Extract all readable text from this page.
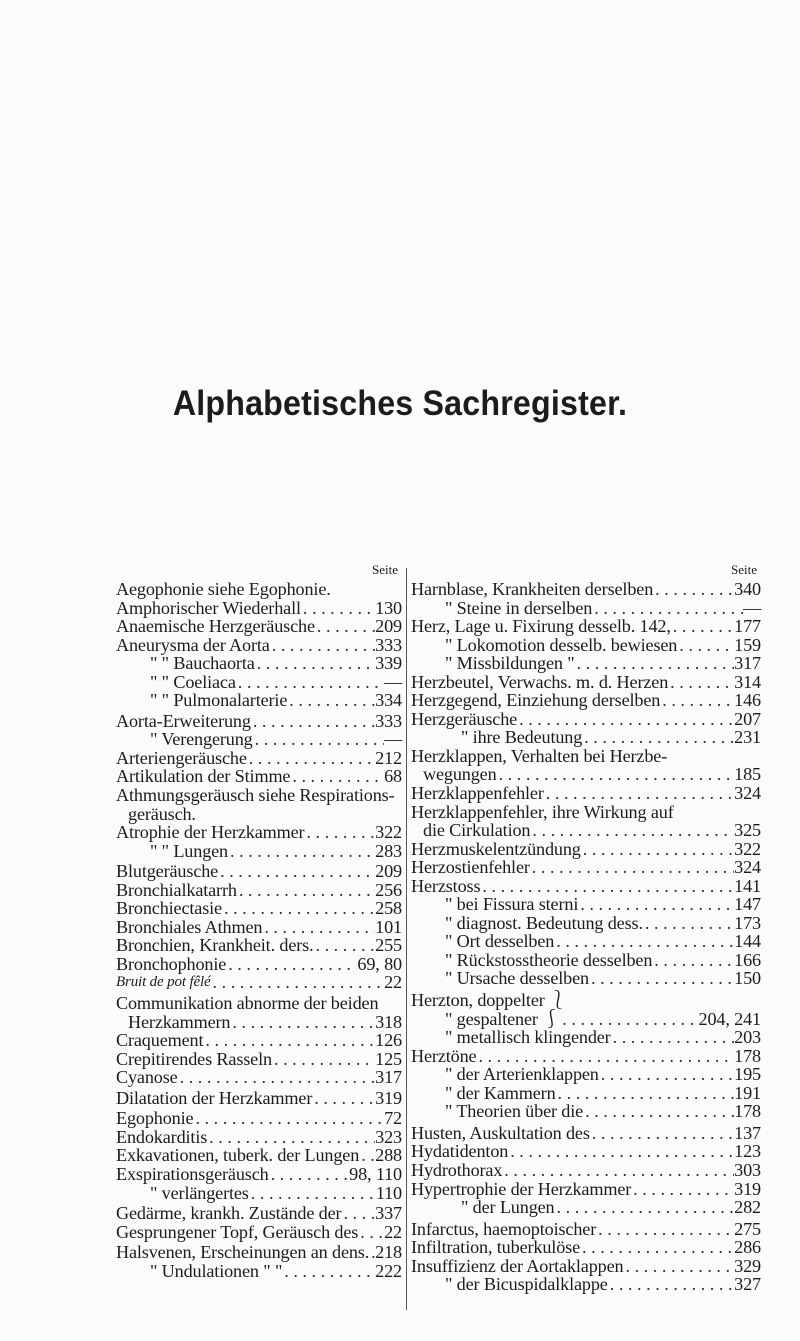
Alphabetisches Sachregister.
Seite
Aegophonie siehe Egophonie.
Amphorischer Wiederhall . . .	130
Anaemische Herzgeräusche . . .	209
Aneurysma der Aorta . . .	333
" " Bauchaorta . . .	339
" " Coeliaca . . .	—
" " Pulmonalarterie . . .	334
Aorta-Erweiterung . . .	333
" Verengerung . . .	—
Arteriengeräusche . . .	212
Artikulation der Stimme . . .	68
Athmungsgeräusch siehe Respirations-
geräusch.
Atrophie der Herzkammer . . .	322
" " Lungen . . .	283
Blutgeräusche . . .	209
Bronchialkatarrh . . .	256
Bronchiectasie . . .	258
Bronchiales Athmen . . .	101
Bronchien, Krankheit. ders. . . .	255
Bronchophonie . . .	69, 80
Bruit de pot fêlé . . .	22
Communikation abnorme der beiden
Herzkammern . . .	318
Craquement . . .	126
Crepitirendes Rasseln . . .	125
Cyanose . . .	317
Dilatation der Herzkammer . . .	319
Egophonie . . .	72
Endokarditis . . .	323
Exkavationen, tuberk. der Lungen . . . 288
Exspirationsgeräusch . . .	98, 110
" verlängertes . . .	110
Gedärme, krankh. Zustände der . . . 337
Gesprungener Topf, Geräusch des . . . 22
Halsvenen, Erscheinungen an dens. . . . 218
" Undulationen " " . . .	222
Seite
Harnblase, Krankheiten derselben . . .	340
" Steine in derselben . . .	—
Herz, Lage u. Fixirung desselb. 142, . . .	177
" Lokomotion desselb. bewiesen . . .	159
" Missbildungen " . . .	317
Herzbeutel, Verwachs. m. d. Herzen . . .	314
Herzgegend, Einziehung derselben . . .	146
Herzgeräusche . . .	207
" ihre Bedeutung . . .	231
Herzklappen, Verhalten bei Herzbe-
wegungen . . .	185
Herzklappenfehler . . .	324
Herzklappenfehler, ihre Wirkung auf
die Cirkulation . . .	325
Herzmuskelentzündung . . .	322
Herzostienfehler . . .	324
Herzstoss . . .	141
" bei Fissura sterni . . .	147
" diagnost. Bedeutung dess. . . .	173
" Ort desselben . . .	144
" Rückstosstheorie desselben . . .	166
" Ursache desselben . . .	150
Herzton, doppelter ⎱
" gespaltener ⎰ . . .	204, 241
" metallisch klingender . . .	203
Herztöne . . .	178
" der Arterienklappen . . .	195
" der Kammern . . .	191
" Theorien über die . . .	178
Husten, Auskultation des . . .	137
Hydatidenton . . .	123
Hydrothorax . . .	303
Hypertrophie der Herzkammer . . .	319
" der Lungen . . .	282
Infarctus, haemoptoischer . . .	275
Infiltration, tuberkulöse . . .	286
Insuffizienz der Aortaklappen . . .	329
" der Bicuspidalklappe . . .	327
